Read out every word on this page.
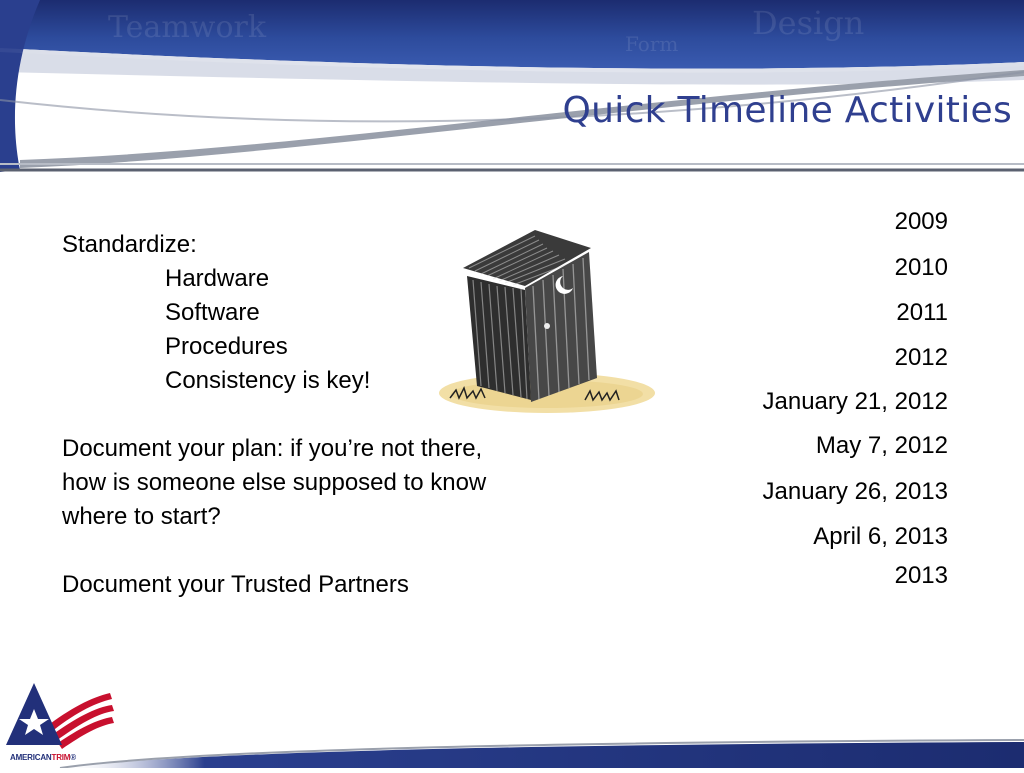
Teamwork	Form
Design
Quick Timeline Activities
Standardize:
Hardware
Software
Procedures
Consistency is key!
Document your plan: if you’re not there,
how is someone else supposed to know
where to start?
Document your Trusted Partners
2009
2010
2011
2012
January 21, 2012
May 7, 2012
January 26, 2013
April 6, 2013
2013
AMERICANTRIM®
